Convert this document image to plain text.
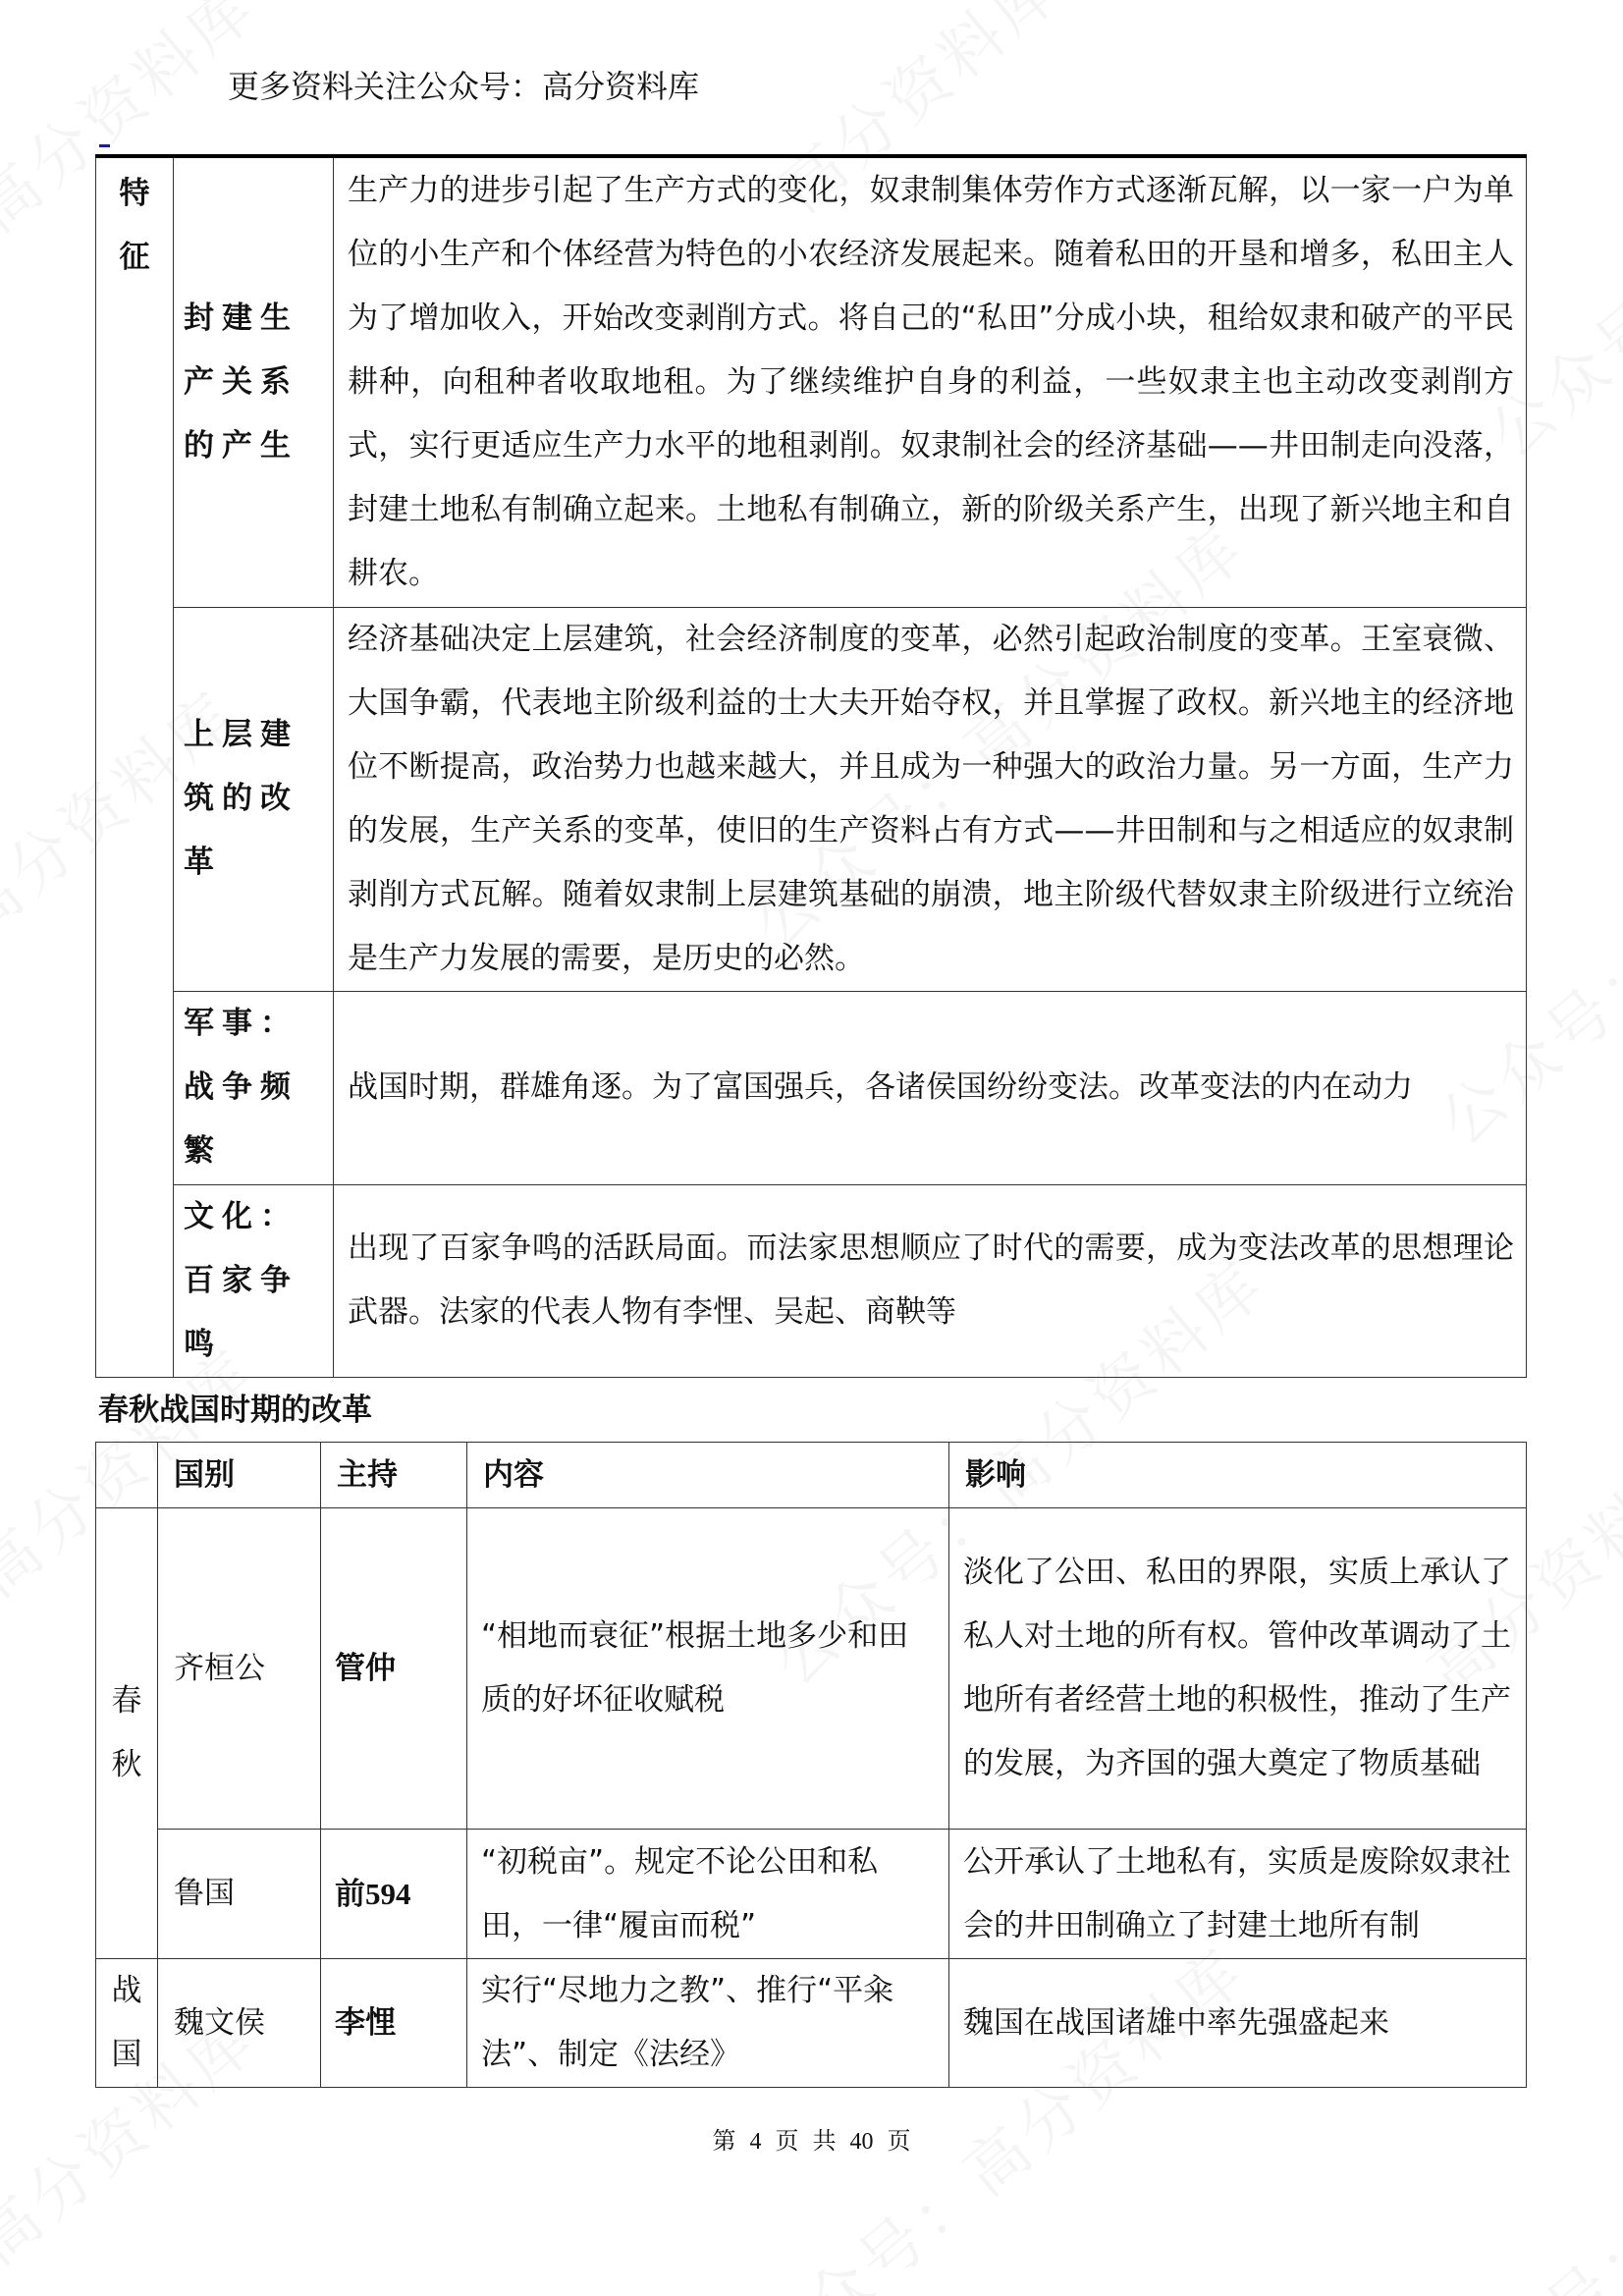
更多资料关注公众号：高分资料库
特
征	封建生产关系的产生	生产力的进步引起了生产方式的变化，奴隶制集体劳作方式逐渐瓦解，以一家一户为单位的小生产和个体经营为特色的小农经济发展起来。随着私田的开垦和增多，私田主人为了增加收入，开始改变剥削方式。将自己的“私田”分成小块，租给奴隶和破产的平民耕种，向租种者收取地租。为了继续维护自身的利益，一些奴隶主也主动改变剥削方式，实行更适应生产力水平的地租剥削。奴隶制社会的经济基础——井田制走向没落，封建土地私有制确立起来。土地私有制确立，新的阶级关系产生，出现了新兴地主和自耕农。
	上层建筑的改革	经济基础决定上层建筑，社会经济制度的变革，必然引起政治制度的变革。王室衰微、大国争霸，代表地主阶级利益的士大夫开始夺权，并且掌握了政权。新兴地主的经济地位不断提高，政治势力也越来越大，并且成为一种强大的政治力量。另一方面，生产力的发展，生产关系的变革，使旧的生产资料占有方式——井田制和与之相适应的奴隶制剥削方式瓦解。随着奴隶制上层建筑基础的崩溃，地主阶级代替奴隶主阶级进行立统治是生产力发展的需要，是历史的必然。
	军事：战争频繁	战国时期，群雄角逐。为了富国强兵，各诸侯国纷纷变法。改革变法的内在动力
	文化：百家争鸣	出现了百家争鸣的活跃局面。而法家思想顺应了时代的需要，成为变法改革的思想理论武器。法家的代表人物有李悝、吴起、商鞅等
春秋战国时期的改革
	国别	主持	内容	影响

春
秋	齐桓公	管仲	“相地而衰征”根据土地多少和田质的好坏征收赋税	淡化了公田、私田的界限，实质上承认了私人对土地的所有权。管仲改革调动了土地所有者经营土地的积极性，推动了生产的发展，为齐国的强大奠定了物质基础
	鲁国	前594	“初税亩”。规定不论公田和私田，一律“履亩而税”	公开承认了土地私有，实质是废除奴隶社会的井田制确立了封建土地所有制

战
国	魏文侯	李悝	实行“尽地力之教”、推行“平籴法”、制定《法经》	魏国在战国诸雄中率先强盛起来
第 4 页 共 40 页
